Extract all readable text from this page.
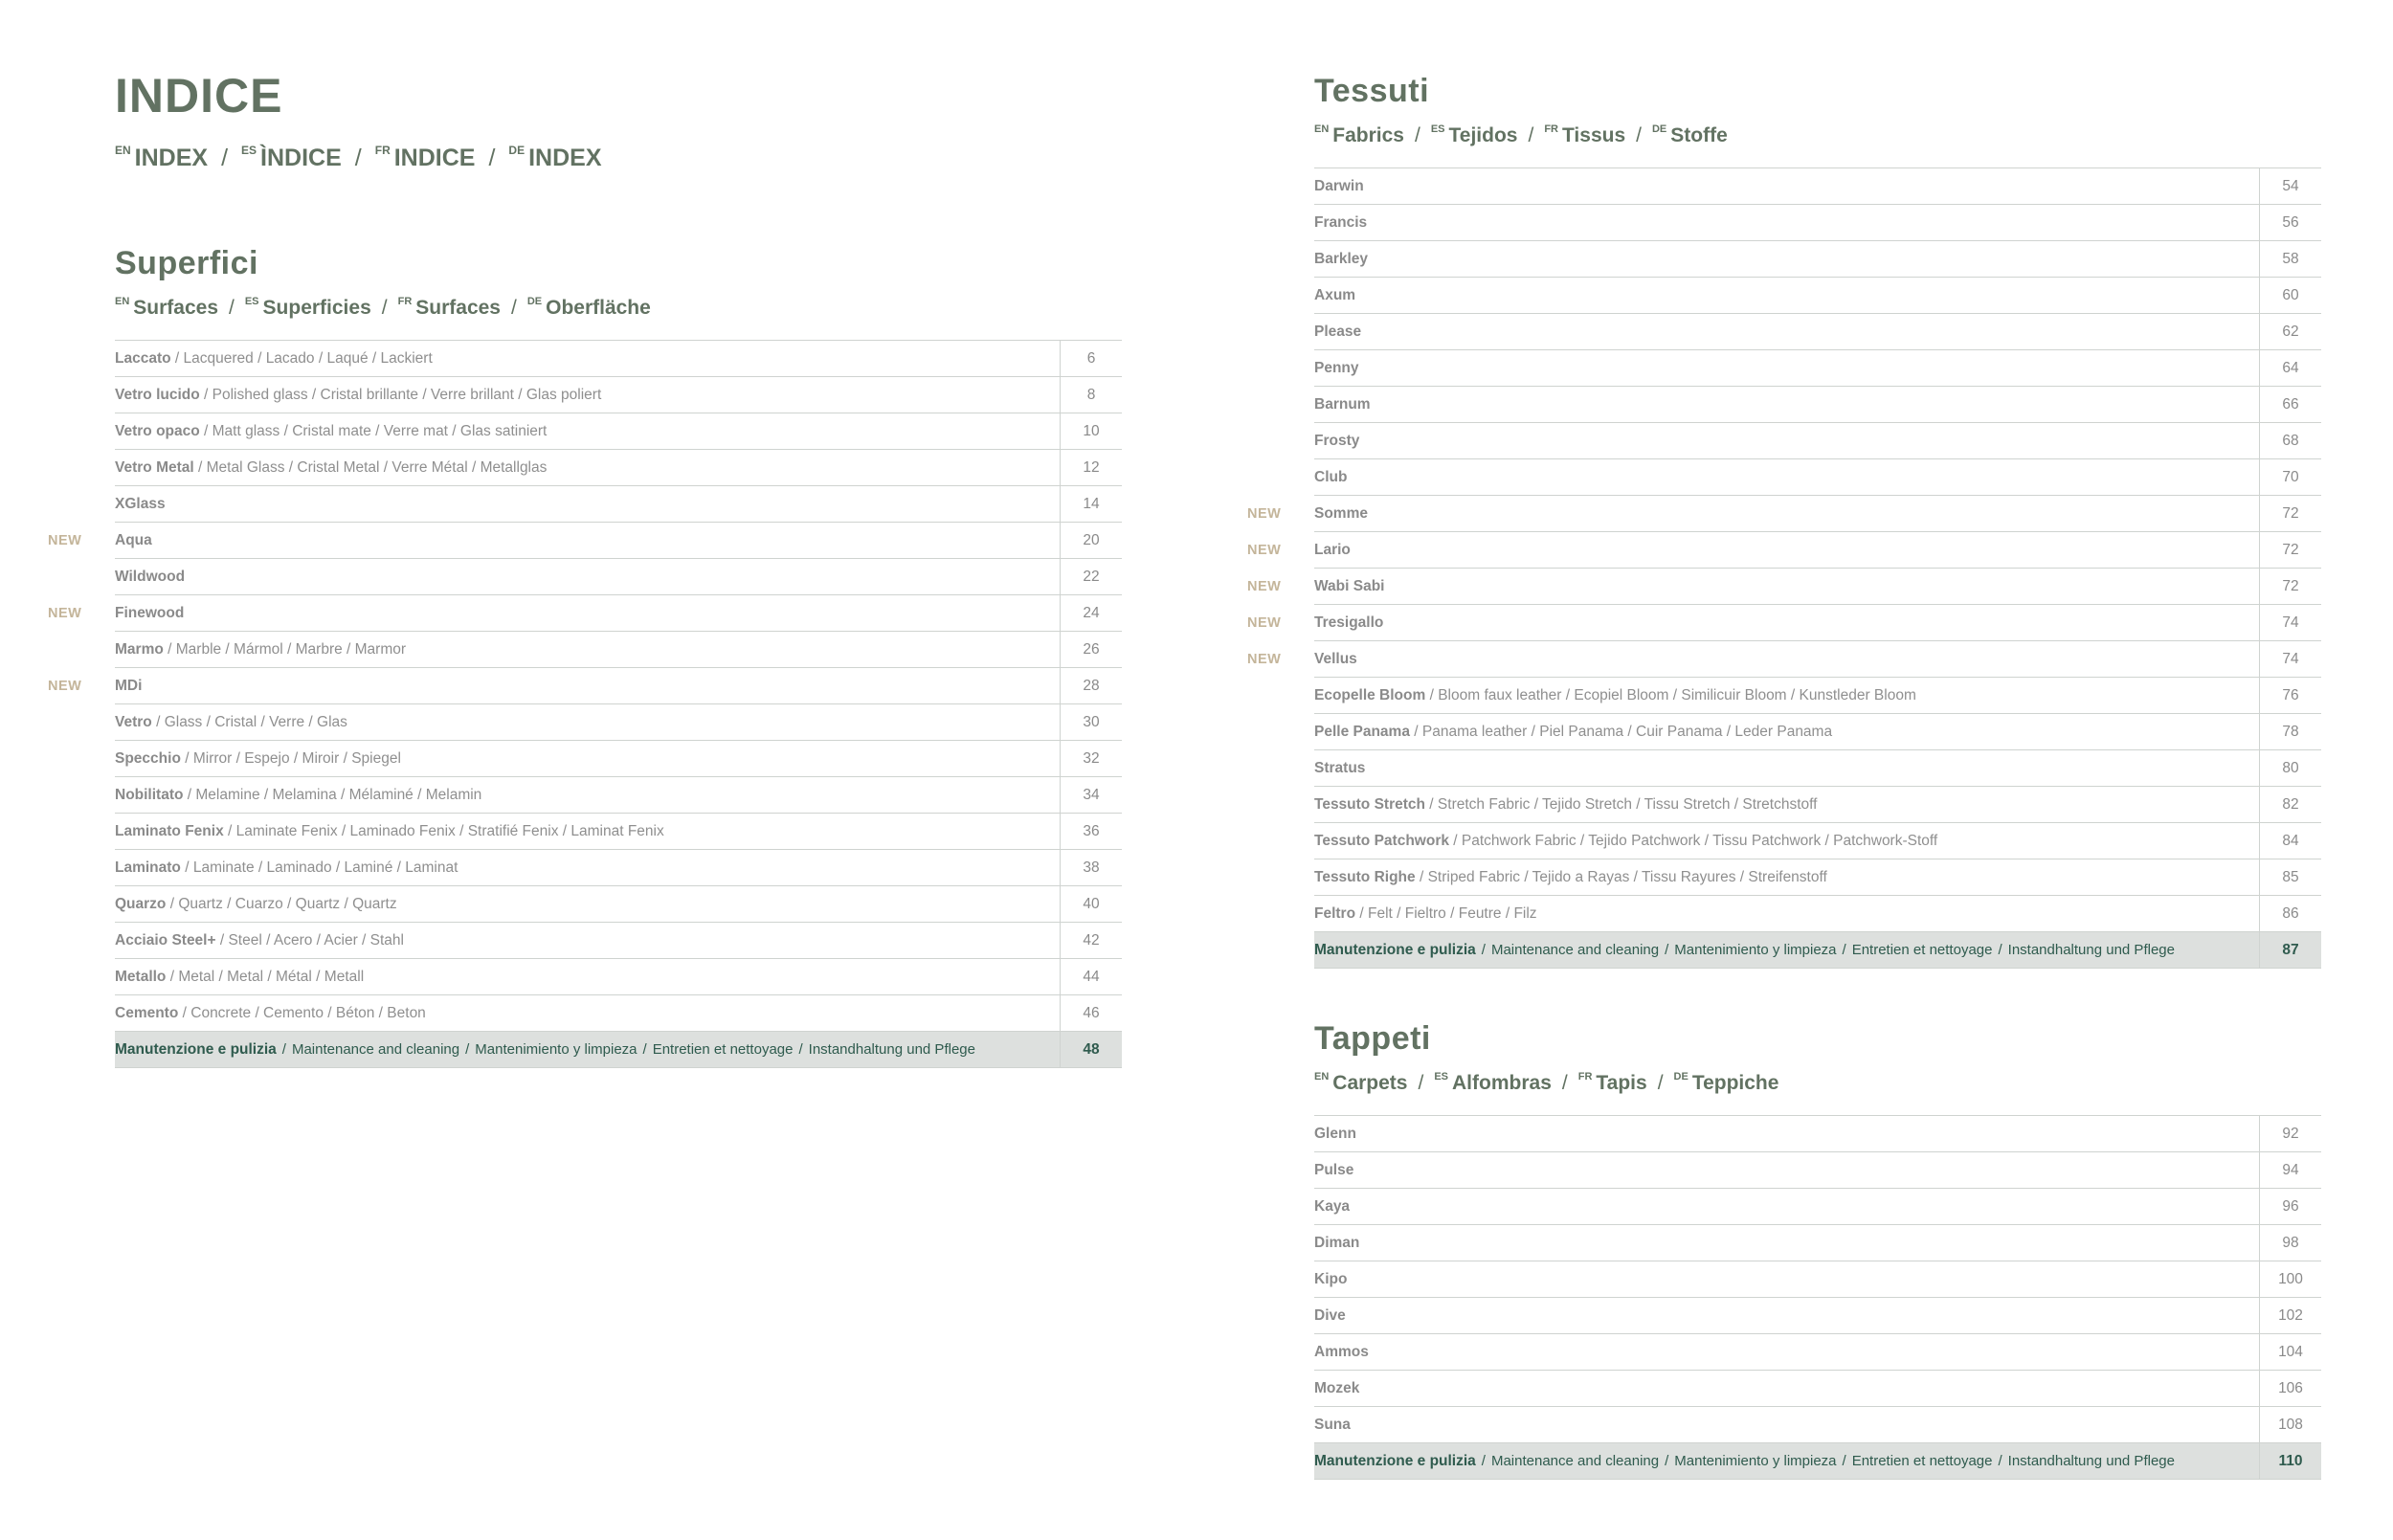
INDICE
$^{EN}$ INDEX / $^{ES}$ ÌNDICE / $^{FR}$ INDICE / $^{DE}$ INDEX
Superfici
$^{EN}$ Surfaces / $^{ES}$ Superficies / $^{FR}$ Surfaces / $^{DE}$ Oberfläche
Laccato / Lacquered / Lacado / Laqué / Lackiert	6
Vetro lucido / Polished glass / Cristal brillante / Verre brillant / Glas poliert	8
Vetro opaco / Matt glass / Cristal mate / Verre mat / Glas satiniert	10
Vetro Metal / Metal Glass / Cristal Metal / Verre Métal / Metallglas	12
XGlass	14

NEW Aqua	20
Wildwood	22

NEW Finewood	24
Marmo / Marble / Mármol / Marbre / Marmor	26

NEW MDi	28
Vetro / Glass / Cristal / Verre / Glas	30
Specchio / Mirror / Espejo / Miroir / Spiegel	32
Nobilitato / Melamine / Melamina / Mélaminé / Melamin	34
Laminato Fenix / Laminate Fenix / Laminado Fenix / Stratifié Fenix / Laminat Fenix	36
Laminato / Laminate / Laminado / Laminé / Laminat	38
Quarzo / Quartz / Cuarzo / Quartz / Quartz	40
Acciaio Steel+ / Steel / Acero / Acier / Stahl	42
Metallo / Metal / Metal / Métal / Metall	44
Cemento / Concrete / Cemento / Béton / Beton	46
Manutenzione e pulizia / Maintenance and cleaning / Mantenimiento y limpieza / Entretien et nettoyage / Instandhaltung und Pflege	48
Tessuti
$^{EN}$ Fabrics / $^{ES}$ Tejidos / $^{FR}$ Tissus / $^{DE}$ Stoffe
Darwin	54
Francis	56
Barkley	58
Axum	60
Please	62
Penny	64
Barnum	66
Frosty	68
Club	70

NEW Somme	72

NEW Lario	72

NEW Wabi Sabi	72

NEW Tresigallo	74

NEW Vellus	74
Ecopelle Bloom / Bloom faux leather / Ecopiel Bloom / Similicuir Bloom / Kunstleder Bloom	76
Pelle Panama / Panama leather / Piel Panama / Cuir Panama / Leder Panama	78
Stratus	80
Tessuto Stretch / Stretch Fabric / Tejido Stretch / Tissu Stretch / Stretchstoff	82
Tessuto Patchwork / Patchwork Fabric / Tejido Patchwork / Tissu Patchwork / Patchwork-Stoff	84
Tessuto Righe / Striped Fabric / Tejido a Rayas / Tissu Rayures / Streifenstoff	85
Feltro / Felt / Fieltro / Feutre / Filz	86
Manutenzione e pulizia / Maintenance and cleaning / Mantenimiento y limpieza / Entretien et nettoyage / Instandhaltung und Pflege	87
Tappeti
$^{EN}$ Carpets / $^{ES}$ Alfombras / $^{FR}$ Tapis / $^{DE}$ Teppiche
Glenn	92
Pulse	94
Kaya	96
Diman	98
Kipo	100
Dive	102
Ammos	104
Mozek	106
Suna	108
Manutenzione e pulizia / Maintenance and cleaning / Mantenimiento y limpieza / Entretien et nettoyage / Instandhaltung und Pflege	110
